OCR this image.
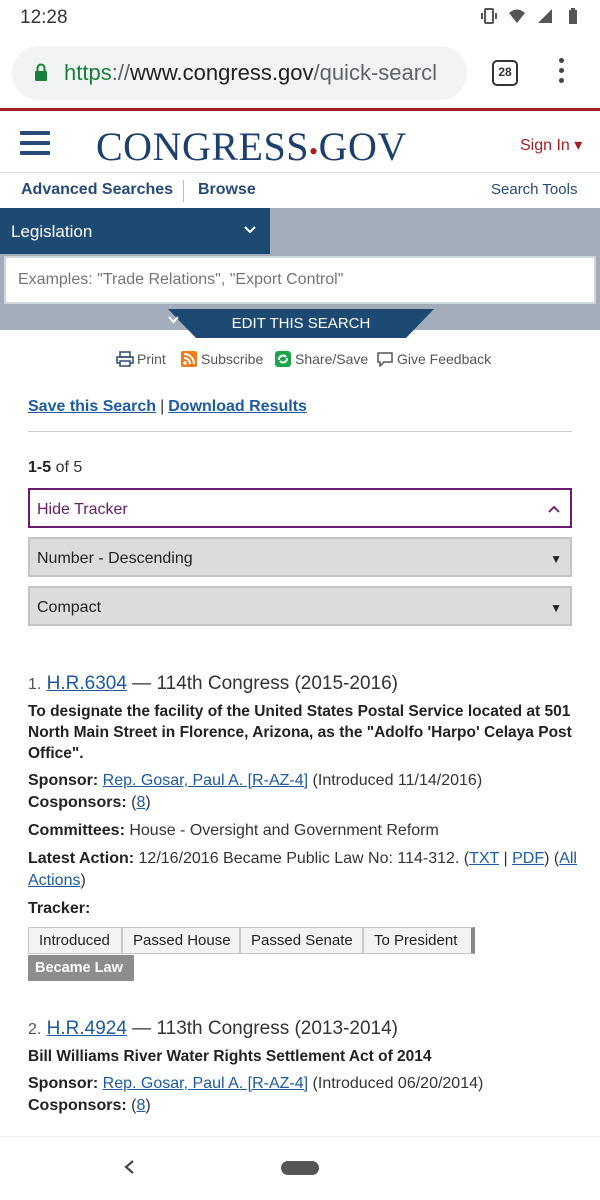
12:28
https://www.congress.gov/quick-searcl	28
CONGRESS•GOV	Sign In ▾
Advanced Searches Browse	Search Tools
Legislation
Examples: "Trade Relations", "Export Control"
EDIT THIS SEARCH
Print	Subscribe Share/Save Give Feedback
Save this Search | Download Results
1-5 of 5
Hide Tracker
Number - Descending	▼
Compact	▼
1. H.R.6304 — 114th Congress (2015-2016)
To designate the facility of the United States Postal Service located at 501 North Main Street in Florence, Arizona, as the "Adolfo 'Harpo' Celaya Post Office".
Sponsor: Rep. Gosar, Paul A. [R-AZ-4] (Introduced 11/14/2016)
Cosponsors: (8)
Committees: House - Oversight and Government Reform
Latest Action: 12/16/2016 Became Public Law No: 114-312. (TXT | PDF) (All Actions)
Tracker:
Introduced	Passed House	Passed Senate	To President
Became Law
2. H.R.4924 — 113th Congress (2013-2014)
Bill Williams River Water Rights Settlement Act of 2014
Sponsor: Rep. Gosar, Paul A. [R-AZ-4] (Introduced 06/20/2014)
Cosponsors: (8)
